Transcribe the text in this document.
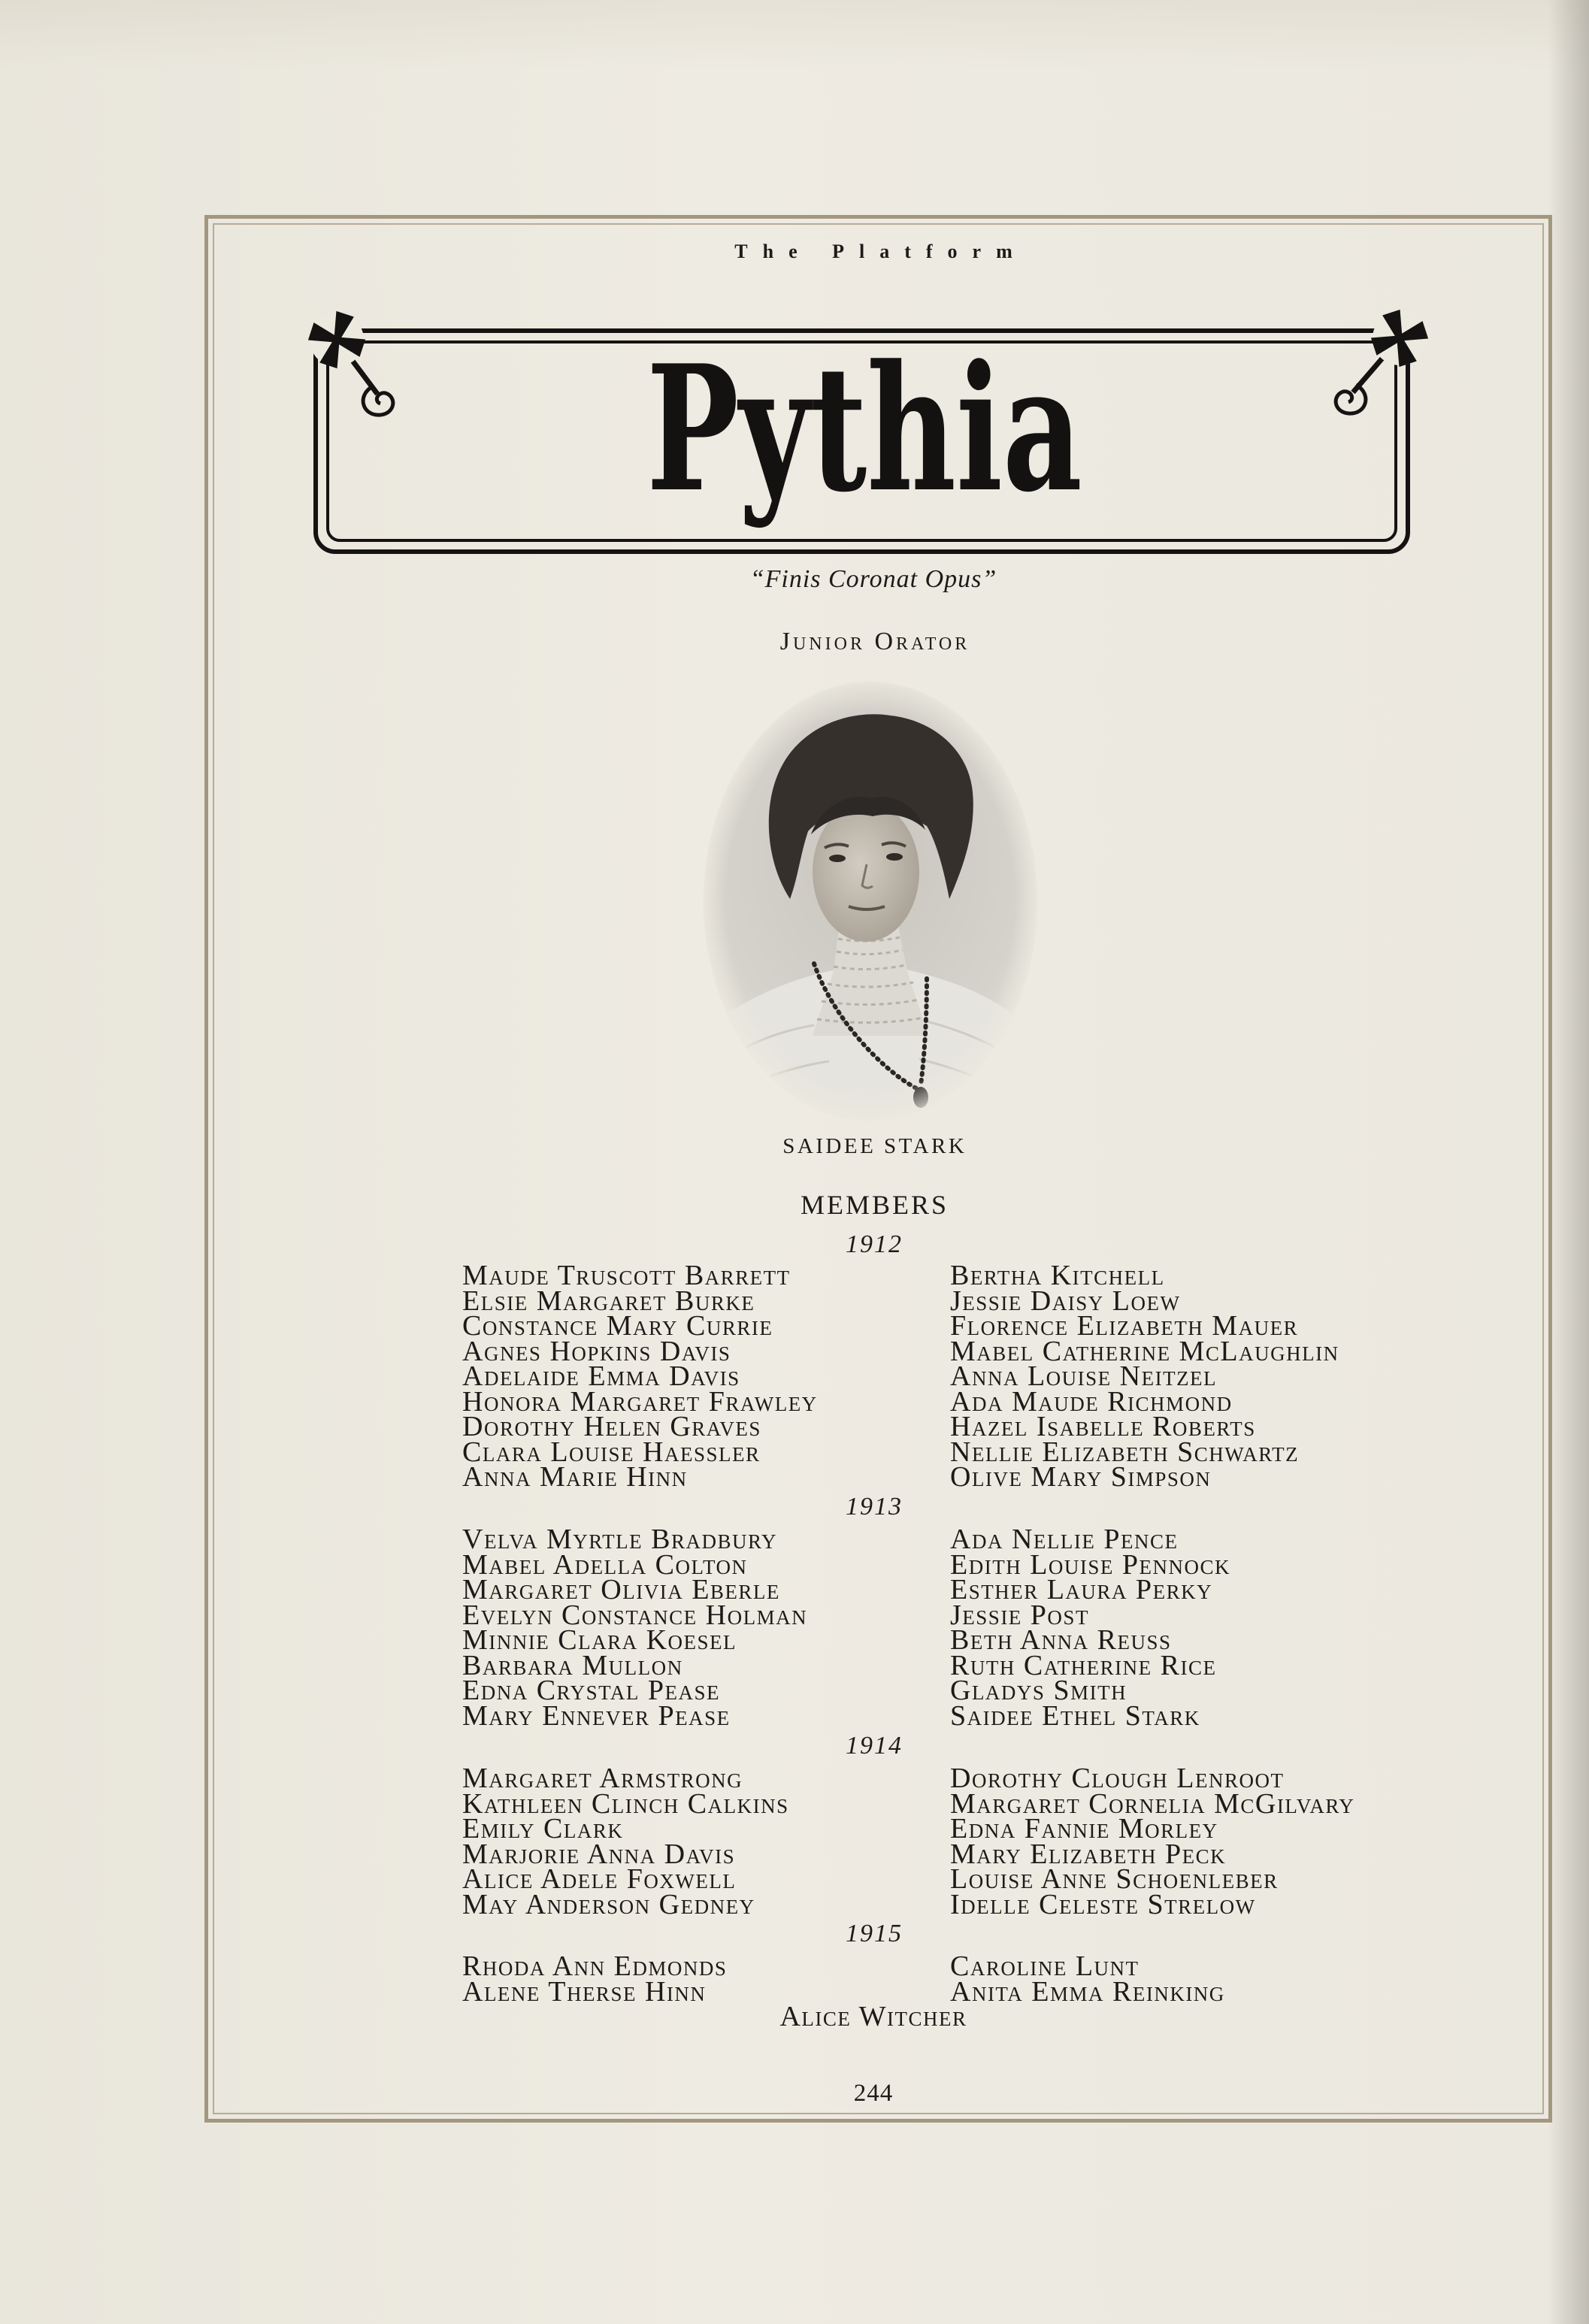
The Platform
Pythia
“Finis Coronat Opus”
Junior Orator
SAIDEE STARK
MEMBERS
1912
Maude Truscott Barrett
Elsie Margaret Burke
Constance Mary Currie
Agnes Hopkins Davis
Adelaide Emma Davis
Honora Margaret Frawley
Dorothy Helen Graves
Clara Louise Haessler
Anna Marie Hinn
Bertha Kitchell
Jessie Daisy Loew
Florence Elizabeth Mauer
Mabel Catherine McLaughlin
Anna Louise Neitzel
Ada Maude Richmond
Hazel Isabelle Roberts
Nellie Elizabeth Schwartz
Olive Mary Simpson
1913
Velva Myrtle Bradbury
Mabel Adella Colton
Margaret Olivia Eberle
Evelyn Constance Holman
Minnie Clara Koesel
Barbara Mullon
Edna Crystal Pease
Mary Ennever Pease
Ada Nellie Pence
Edith Louise Pennock
Esther Laura Perky
Jessie Post
Beth Anna Reuss
Ruth Catherine Rice
Gladys Smith
Saidee Ethel Stark
1914
Margaret Armstrong
Kathleen Clinch Calkins
Emily Clark
Marjorie Anna Davis
Alice Adele Foxwell
May Anderson Gedney
Dorothy Clough Lenroot
Margaret Cornelia McGilvary
Edna Fannie Morley
Mary Elizabeth Peck
Louise Anne Schoenleber
Idelle Celeste Strelow
1915
Rhoda Ann Edmonds
Alene Therse Hinn
Caroline Lunt
Anita Emma Reinking
Alice Witcher
244
